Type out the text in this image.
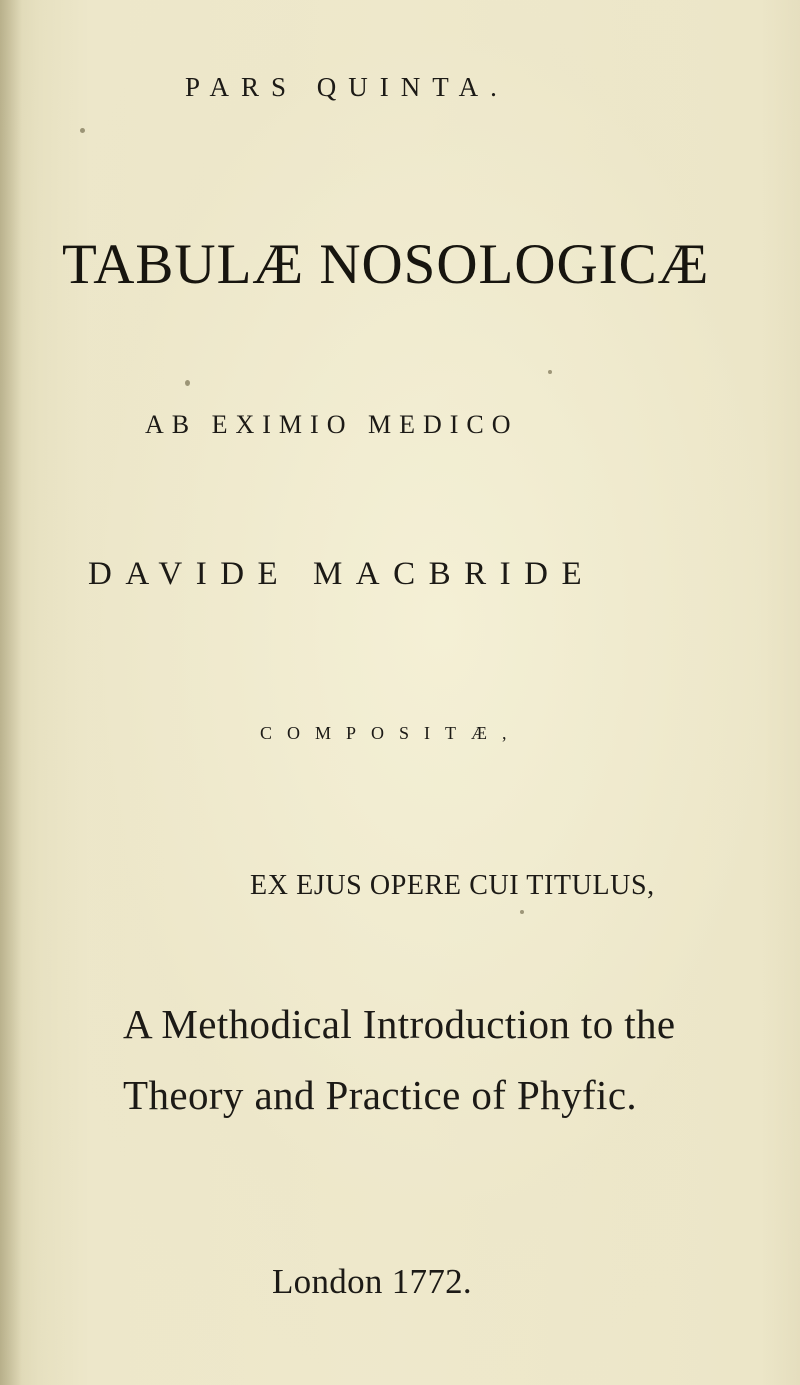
PARS QUINTA.
TABULÆ NOSOLOGICÆ
AB EXIMIO MEDICO
DAVIDE MACBRIDE
COMPOSITÆ,
EX EJUS OPERE CUI TITULUS,
A Methodical Introduction to the
Theory and Practice of Phyfic.
London 1772.
